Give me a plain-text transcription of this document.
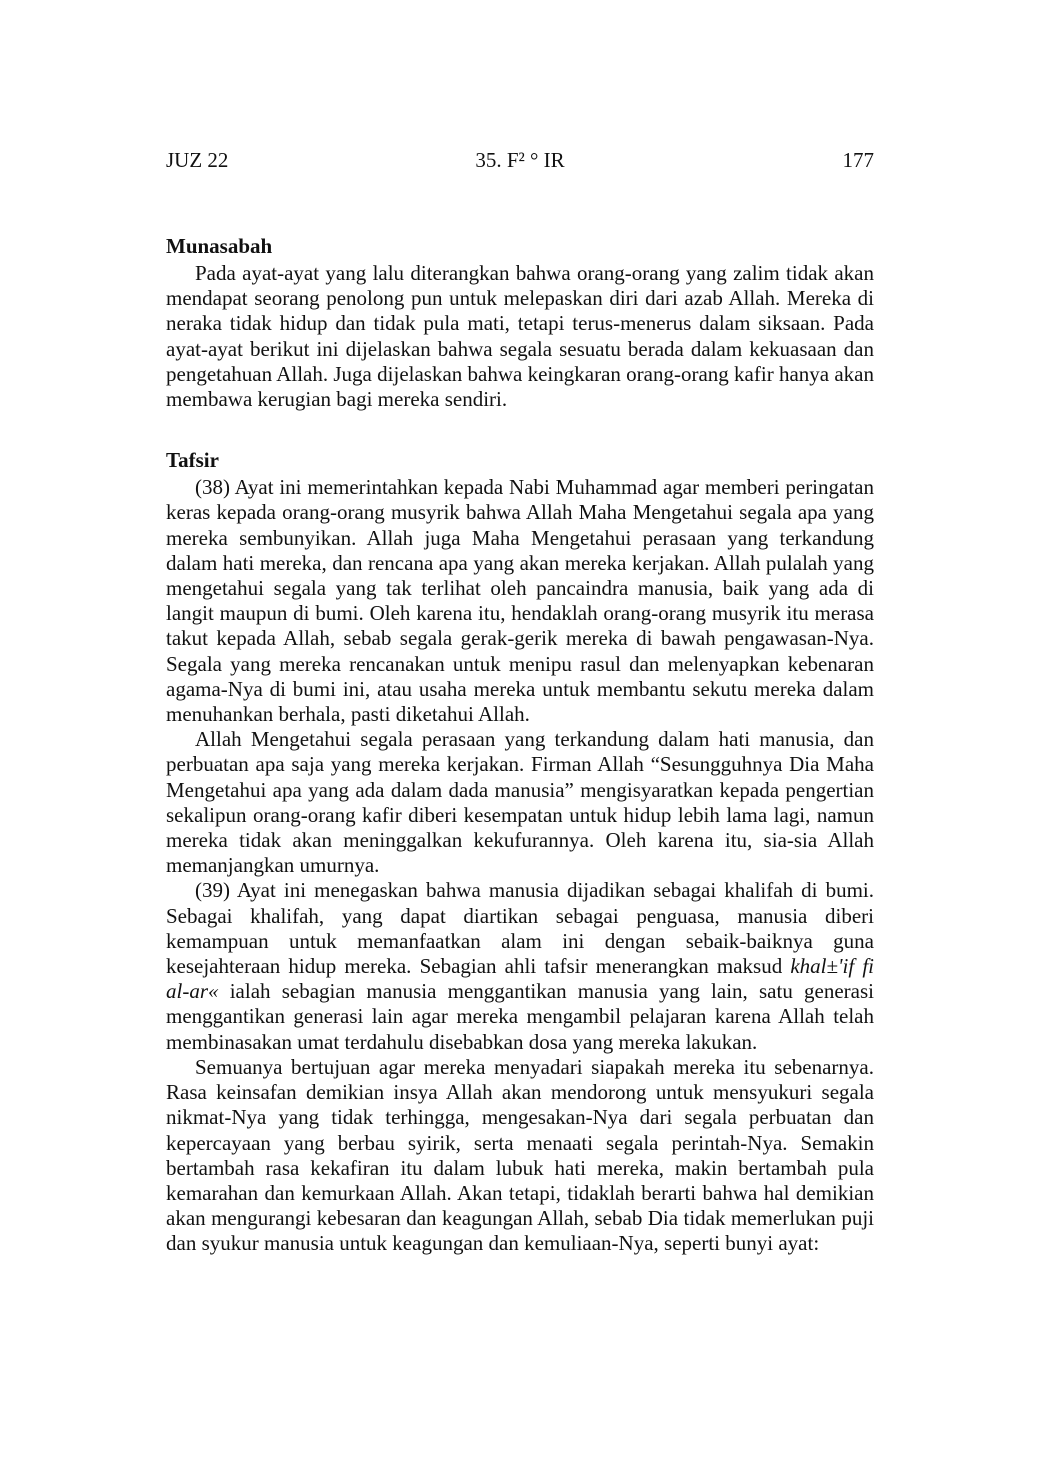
JUZ 22	35. F² ° IR	177
Munasabah

Pada ayat-ayat yang lalu diterangkan bahwa orang-orang yang zalim tidak akan mendapat seorang penolong pun untuk melepaskan diri dari azab Allah. Mereka di neraka tidak hidup dan tidak pula mati, tetapi terus-menerus dalam siksaan. Pada ayat-ayat berikut ini dijelaskan bahwa segala sesuatu berada dalam kekuasaan dan pengetahuan Allah. Juga dijelaskan bahwa keingkaran orang-orang kafir hanya akan membawa kerugian bagi mereka sendiri.

Tafsir

(38) Ayat ini memerintahkan kepada Nabi Muhammad agar memberi peringatan keras kepada orang-orang musyrik bahwa Allah Maha Mengetahui segala apa yang mereka sembunyikan. Allah juga Maha Mengetahui perasaan yang terkandung dalam hati mereka, dan rencana apa yang akan mereka kerjakan. Allah pulalah yang mengetahui segala yang tak terlihat oleh pancaindra manusia, baik yang ada di langit maupun di bumi. Oleh karena itu, hendaklah orang-orang musyrik itu merasa takut kepada Allah, sebab segala gerak-gerik mereka di bawah pengawasan-Nya. Segala yang mereka rencanakan untuk menipu rasul dan melenyapkan kebenaran agama-Nya di bumi ini, atau usaha mereka untuk membantu sekutu mereka dalam menuhankan berhala, pasti diketahui Allah.

Allah Mengetahui segala perasaan yang terkandung dalam hati manusia, dan perbuatan apa saja yang mereka kerjakan. Firman Allah “Sesungguhnya Dia Maha Mengetahui apa yang ada dalam dada manusia” mengisyaratkan kepada pengertian sekalipun orang-orang kafir diberi kesempatan untuk hidup lebih lama lagi, namun mereka tidak akan meninggalkan kekufurannya. Oleh karena itu, sia-sia Allah memanjangkan umurnya.

(39) Ayat ini menegaskan bahwa manusia dijadikan sebagai khalifah di bumi. Sebagai khalifah, yang dapat diartikan sebagai penguasa, manusia diberi kemampuan untuk memanfaatkan alam ini dengan sebaik-baiknya guna kesejahteraan hidup mereka. Sebagian ahli tafsir menerangkan maksud khal±'if fi al-ar« ialah sebagian manusia menggantikan manusia yang lain, satu generasi menggantikan generasi lain agar mereka mengambil pelajaran karena Allah telah membinasakan umat terdahulu disebabkan dosa yang mereka lakukan.

Semuanya bertujuan agar mereka menyadari siapakah mereka itu sebenarnya. Rasa keinsafan demikian insya Allah akan mendorong untuk mensyukuri segala nikmat-Nya yang tidak terhingga, mengesakan-Nya dari segala perbuatan dan kepercayaan yang berbau syirik, serta menaati segala perintah-Nya. Semakin bertambah rasa kekafiran itu dalam lubuk hati mereka, makin bertambah pula kemarahan dan kemurkaan Allah. Akan tetapi, tidaklah berarti bahwa hal demikian akan mengurangi kebesaran dan keagungan Allah, sebab Dia tidak memerlukan puji dan syukur manusia untuk keagungan dan kemuliaan-Nya, seperti bunyi ayat:
